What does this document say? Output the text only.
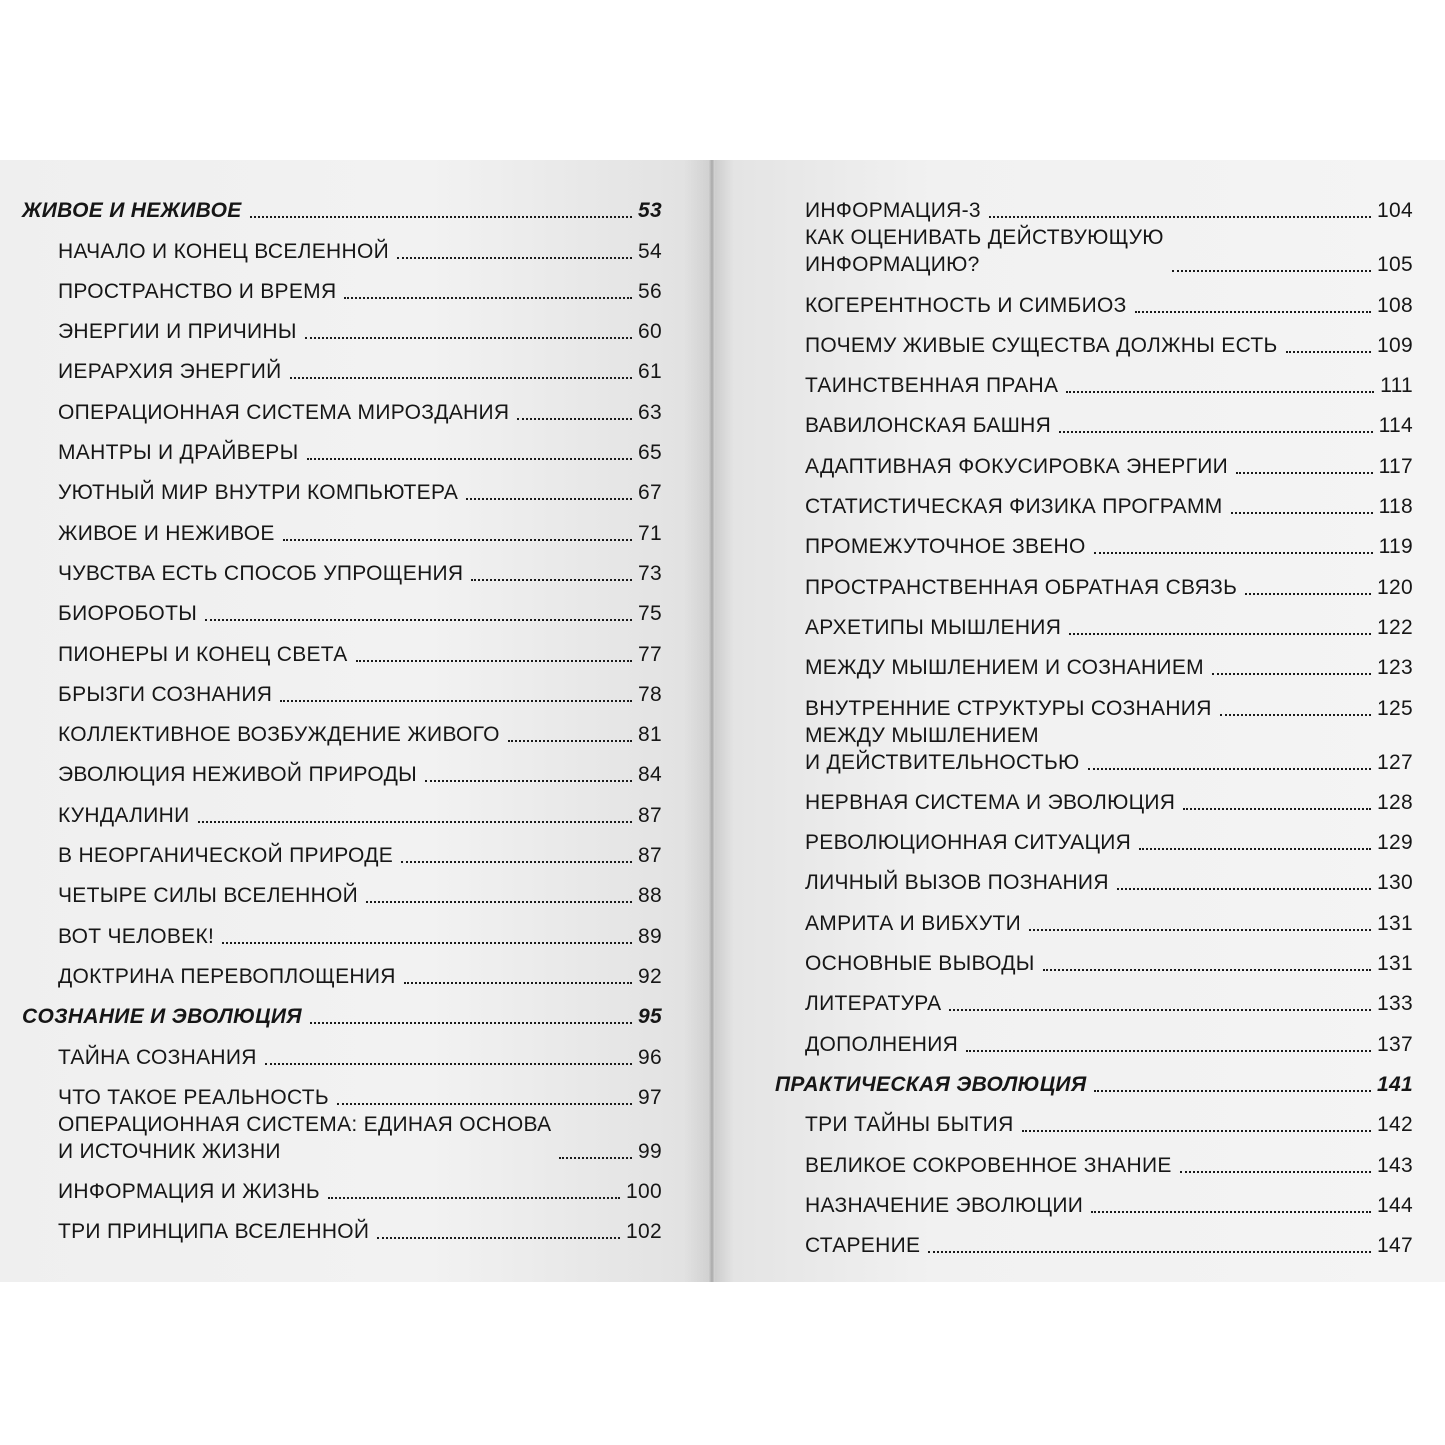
ЖИВОЕ И НЕЖИВОЕ	53
НАЧАЛО И КОНЕЦ ВСЕЛЕННОЙ	54
ПРОСТРАНСТВО И ВРЕМЯ	56
ЭНЕРГИИ И ПРИЧИНЫ	60
ИЕРАРХИЯ ЭНЕРГИЙ	61
ОПЕРАЦИОННАЯ СИСТЕМА МИРОЗДАНИЯ	63
МАНТРЫ И ДРАЙВЕРЫ	65
УЮТНЫЙ МИР ВНУТРИ КОМПЬЮТЕРА	67
ЖИВОЕ И НЕЖИВОЕ	71
ЧУВСТВА ЕСТЬ СПОСОБ УПРОЩЕНИЯ	73
БИОРОБОТЫ	75
ПИОНЕРЫ И КОНЕЦ СВЕТА	77
БРЫЗГИ СОЗНАНИЯ	78
КОЛЛЕКТИВНОЕ ВОЗБУЖДЕНИЕ ЖИВОГО	81
ЭВОЛЮЦИЯ НЕЖИВОЙ ПРИРОДЫ	84
КУНДАЛИНИ	87
В НЕОРГАНИЧЕСКОЙ ПРИРОДЕ	87
ЧЕТЫРЕ СИЛЫ ВСЕЛЕННОЙ	88
ВОТ ЧЕЛОВЕК!	89
ДОКТРИНА ПЕРЕВОПЛОЩЕНИЯ	92
СОЗНАНИЕ И ЭВОЛЮЦИЯ	95
ТАЙНА СОЗНАНИЯ	96
ЧТО ТАКОЕ РЕАЛЬНОСТЬ	97
ОПЕРАЦИОННАЯ СИСТЕМА: ЕДИНАЯ ОСНОВА
И ИСТОЧНИК ЖИЗНИ	99
ИНФОРМАЦИЯ И ЖИЗНЬ	100
ТРИ ПРИНЦИПА ВСЕЛЕННОЙ	102
ИНФОРМАЦИЯ-3	104
КАК ОЦЕНИВАТЬ ДЕЙСТВУЮЩУЮ
ИНФОРМАЦИЮ?	105
КОГЕРЕНТНОСТЬ И СИМБИОЗ	108
ПОЧЕМУ ЖИВЫЕ СУЩЕСТВА ДОЛЖНЫ ЕСТЬ	109
ТАИНСТВЕННАЯ ПРАНА	111
ВАВИЛОНСКАЯ БАШНЯ	114
АДАПТИВНАЯ ФОКУСИРОВКА ЭНЕРГИИ	117
СТАТИСТИЧЕСКАЯ ФИЗИКА ПРОГРАММ	118
ПРОМЕЖУТОЧНОЕ ЗВЕНО	119
ПРОСТРАНСТВЕННАЯ ОБРАТНАЯ СВЯЗЬ	120
АРХЕТИПЫ МЫШЛЕНИЯ	122
МЕЖДУ МЫШЛЕНИЕМ И СОЗНАНИЕМ	123
ВНУТРЕННИЕ СТРУКТУРЫ СОЗНАНИЯ	125
МЕЖДУ МЫШЛЕНИЕМ
И ДЕЙСТВИТЕЛЬНОСТЬЮ	127
НЕРВНАЯ СИСТЕМА И ЭВОЛЮЦИЯ	128
РЕВОЛЮЦИОННАЯ СИТУАЦИЯ	129
ЛИЧНЫЙ ВЫЗОВ ПОЗНАНИЯ	130
АМРИТА И ВИБХУТИ	131
ОСНОВНЫЕ ВЫВОДЫ	131
ЛИТЕРАТУРА	133
ДОПОЛНЕНИЯ	137
ПРАКТИЧЕСКАЯ ЭВОЛЮЦИЯ	141
ТРИ ТАЙНЫ БЫТИЯ	142
ВЕЛИКОЕ СОКРОВЕННОЕ ЗНАНИЕ	143
НАЗНАЧЕНИЕ ЭВОЛЮЦИИ	144
СТАРЕНИЕ	147
